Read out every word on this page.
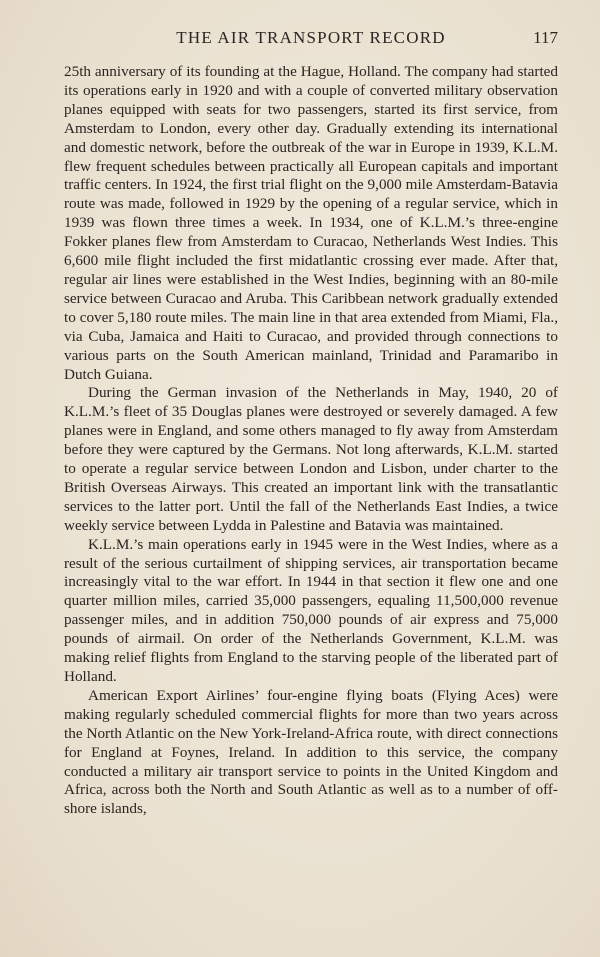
THE AIR TRANSPORT RECORD	117

25th anniversary of its founding at the Hague, Holland. The company had started its operations early in 1920 and with a couple of converted military observation planes equipped with seats for two passengers, started its first service, from Amsterdam to London, every other day. Gradually extending its international and domestic network, before the outbreak of the war in Europe in 1939, K.L.M. flew frequent schedules between practically all European capitals and important traffic centers. In 1924, the first trial flight on the 9,000 mile Amsterdam-Batavia route was made, followed in 1929 by the opening of a regular service, which in 1939 was flown three times a week. In 1934, one of K.L.M.’s three-engine Fokker planes flew from Amsterdam to Curacao, Netherlands West Indies. This 6,600 mile flight included the first midatlantic crossing ever made. After that, regular air lines were established in the West Indies, beginning with an 80-mile service between Curacao and Aruba. This Caribbean network gradually extended to cover 5,180 route miles. The main line in that area extended from Miami, Fla., via Cuba, Jamaica and Haiti to Curacao, and provided through connections to various parts on the South American mainland, Trinidad and Paramaribo in Dutch Guiana.

During the German invasion of the Netherlands in May, 1940, 20 of K.L.M.’s fleet of 35 Douglas planes were destroyed or severely damaged. A few planes were in England, and some others managed to fly away from Amsterdam before they were captured by the Germans. Not long afterwards, K.L.M. started to operate a regular service between London and Lisbon, under charter to the British Overseas Airways. This created an important link with the transatlantic services to the latter port. Until the fall of the Netherlands East Indies, a twice weekly service between Lydda in Palestine and Batavia was maintained.

K.L.M.’s main operations early in 1945 were in the West Indies, where as a result of the serious curtailment of shipping services, air transportation became increasingly vital to the war effort. In 1944 in that section it flew one and one quarter million miles, carried 35,000 passengers, equaling 11,500,000 revenue passenger miles, and in addition 750,000 pounds of air express and 75,000 pounds of airmail. On order of the Netherlands Government, K.L.M. was making relief flights from England to the starving people of the liberated part of Holland.

American Export Airlines’ four-engine flying boats (Flying Aces) were making regularly scheduled commercial flights for more than two years across the North Atlantic on the New York-Ireland-Africa route, with direct connections for England at Foynes, Ireland. In addition to this service, the company conducted a military air transport service to points in the United Kingdom and Africa, across both the North and South Atlantic as well as to a number of off-shore islands,
